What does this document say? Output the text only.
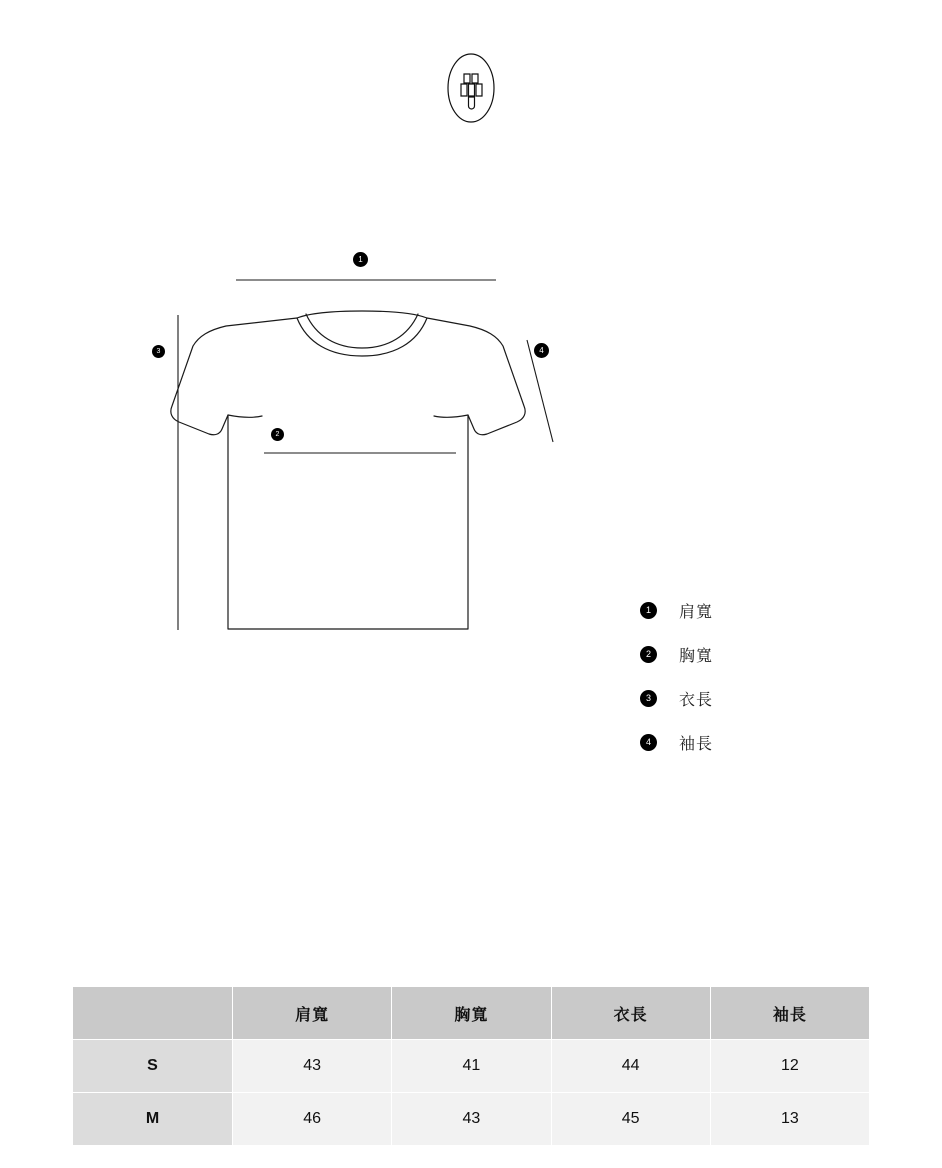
1
2
3	4
1	肩寬
2	胸寬
3	衣長
4	袖長
	肩寬	胸寬	衣長	袖長
S	43	41	44	12
M	46	43	45	13
